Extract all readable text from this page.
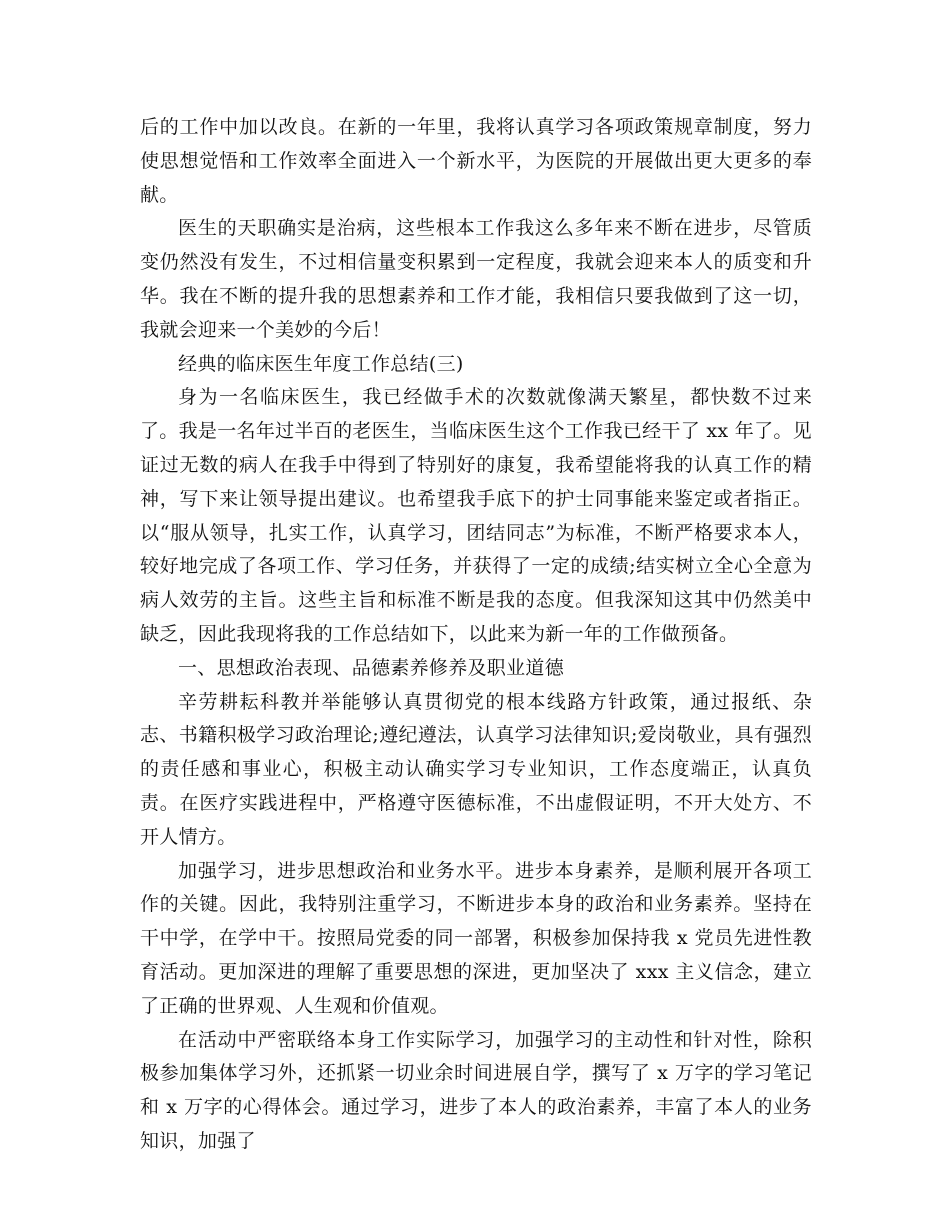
后的工作中加以改良。在新的一年里，我将认真学习各项政策规章制度，努力使思想觉悟和工作效率全面进入一个新水平，为医院的开展做出更大更多的奉献。

医生的天职确实是治病，这些根本工作我这么多年来不断在进步，尽管质变仍然没有发生，不过相信量变积累到一定程度，我就会迎来本人的质变和升华。我在不断的提升我的思想素养和工作才能，我相信只要我做到了这一切，我就会迎来一个美妙的今后！

经典的临床医生年度工作总结(三)

身为一名临床医生，我已经做手术的次数就像满天繁星，都快数不过来了。我是一名年过半百的老医生，当临床医生这个工作我已经干了 xx 年了。见证过无数的病人在我手中得到了特别好的康复，我希望能将我的认真工作的精神，写下来让领导提出建议。也希望我手底下的护士同事能来鉴定或者指正。以“服从领导，扎实工作，认真学习，团结同志”为标准，不断严格要求本人，较好地完成了各项工作、学习任务，并获得了一定的成绩;结实树立全心全意为病人效劳的主旨。这些主旨和标准不断是我的态度。但我深知这其中仍然美中缺乏，因此我现将我的工作总结如下，以此来为新一年的工作做预备。

一、思想政治表现、品德素养修养及职业道德

辛劳耕耘科教并举能够认真贯彻党的根本线路方针政策，通过报纸、杂志、书籍积极学习政治理论;遵纪遵法，认真学习法律知识;爱岗敬业，具有强烈的责任感和事业心，积极主动认确实学习专业知识，工作态度端正，认真负责。在医疗实践进程中，严格遵守医德标准，不出虚假证明，不开大处方、不开人情方。

加强学习，进步思想政治和业务水平。进步本身素养，是顺利展开各项工作的关键。因此，我特别注重学习，不断进步本身的政治和业务素养。坚持在干中学，在学中干。按照局党委的同一部署，积极参加保持我 x 党员先进性教育活动。更加深进的理解了重要思想的深进，更加坚决了 xxx 主义信念，建立了正确的世界观、人生观和价值观。

在活动中严密联络本身工作实际学习，加强学习的主动性和针对性，除积极参加集体学习外，还抓紧一切业余时间进展自学，撰写了 x 万字的学习笔记和 x 万字的心得体会。通过学习，进步了本人的政治素养，丰富了本人的业务知识，加强了
